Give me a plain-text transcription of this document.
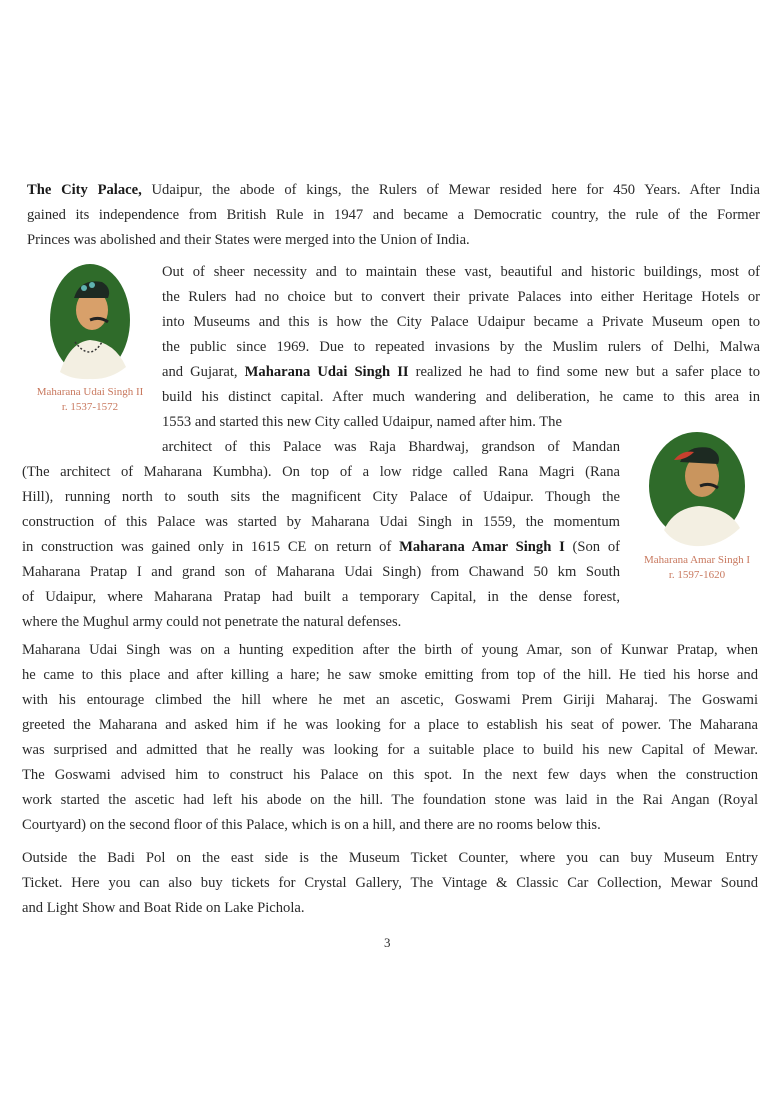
The City Palace, Udaipur, the abode of kings, the Rulers of Mewar resided here for 450 Years. After India
gained its independence from British Rule in 1947 and became a Democratic country, the rule of the Former
Princes was abolished and their States were merged into the Union of India.
Out of sheer necessity and to maintain these vast, beautiful and historic buildings, most of
the Rulers had no choice but to convert their private Palaces into either Heritage Hotels or
into Museums and this is how the City Palace Udaipur became a Private Museum open to
the public since 1969. Due to repeated invasions by the Muslim rulers of Delhi, Malwa
and Gujarat, Maharana Udai Singh II realized he had to find some new but a safer place to
build his distinct capital. After much wandering and deliberation, he came to this area in
1553 and started this new City called Udaipur, named after him. The
architect of this Palace was Raja Bhardwaj, grandson of Mandan
(The architect of Maharana Kumbha). On top of a low ridge called Rana Magri (Rana
Hill), running north to south sits the magnificent City Palace of Udaipur. Though the
construction of this Palace was started by Maharana Udai Singh in 1559, the momentum
in construction was gained only in 1615 CE on return of Maharana Amar Singh I (Son of
Maharana Pratap I and grand son of Maharana Udai Singh) from Chawand 50 km South
of Udaipur, where Maharana Pratap had built a temporary Capital, in the dense forest,
where the Mughul army could not penetrate the natural defenses.
Maharana Udai Singh was on a hunting expedition after the birth of young Amar, son of Kunwar Pratap, when
he came to this place and after killing a hare; he saw smoke emitting from top of the hill. He tied his horse and
with his entourage climbed the hill where he met an ascetic, Goswami Prem Giriji Maharaj. The Goswami
greeted the Maharana and asked him if he was looking for a place to establish his seat of power. The Maharana
was surprised and admitted that he really was looking for a suitable place to build his new Capital of Mewar.
The Goswami advised him to construct his Palace on this spot. In the next few days when the construction
work started the ascetic had left his abode on the hill. The foundation stone was laid in the Rai Angan (Royal
Courtyard) on the second floor of this Palace, which is on a hill, and there are no rooms below this.
Outside the Badi Pol on the east side is the Museum Ticket Counter, where you can buy Museum Entry
Ticket. Here you can also buy tickets for Crystal Gallery, The Vintage & Classic Car Collection, Mewar Sound
and Light Show and Boat Ride on Lake Pichola.
Maharana Udai Singh II
r. 1537-1572
Maharana Amar Singh I
r. 1597-1620
3
